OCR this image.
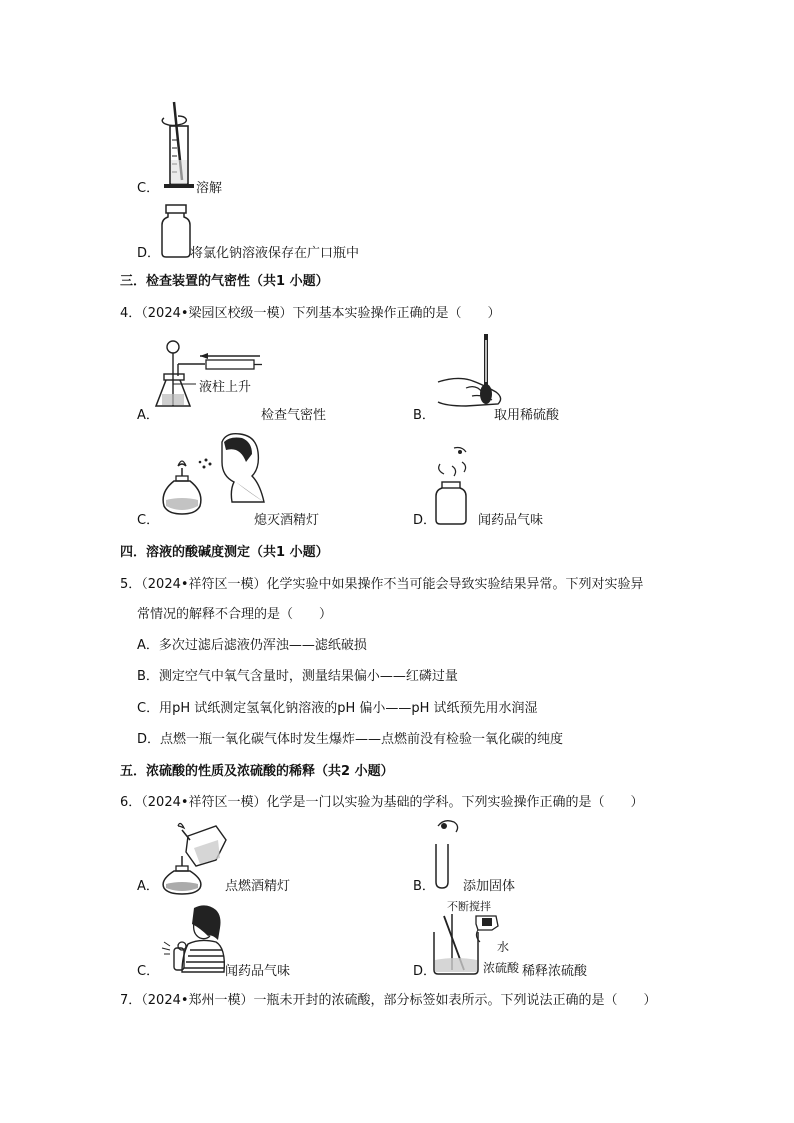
C．	溶解
D． 将氯化钠溶液保存在广口瓶中
三．检查装置的气密性（共1 小题）
4．（2024•梁园区校级一模）下列基本实验操作正确的是（　　）
液柱上升
A．	检查气密性	B．	取用稀硫酸
C．	熄灭酒精灯	D．	闻药品气味
四．溶液的酸碱度测定（共1 小题）
5．（2024•祥符区一模）化学实验中如果操作不当可能会导致实验结果异常。下列对实验异
常情况的解释不合理的是（　　）
A．多次过滤后滤液仍浑浊——滤纸破损
B．测定空气中氧气含量时，测量结果偏小——红磷过量
C．用pH 试纸测定氢氧化钠溶液的pH 偏小——pH 试纸预先用水润湿
D．点燃一瓶一氧化碳气体时发生爆炸——点燃前没有检验一氧化碳的纯度
五．浓硫酸的性质及浓硫酸的稀释（共2 小题）
6．（2024•祥符区一模）化学是一门以实验为基础的学科。下列实验操作正确的是（　　）
A．	点燃酒精灯	B． 添加固体
C．	闻药品气味
不断搅拌
水
浓硫酸
D．	稀释浓硫酸
7．（2024•郑州一模）一瓶未开封的浓硫酸，部分标签如表所示。下列说法正确的是（　　）
